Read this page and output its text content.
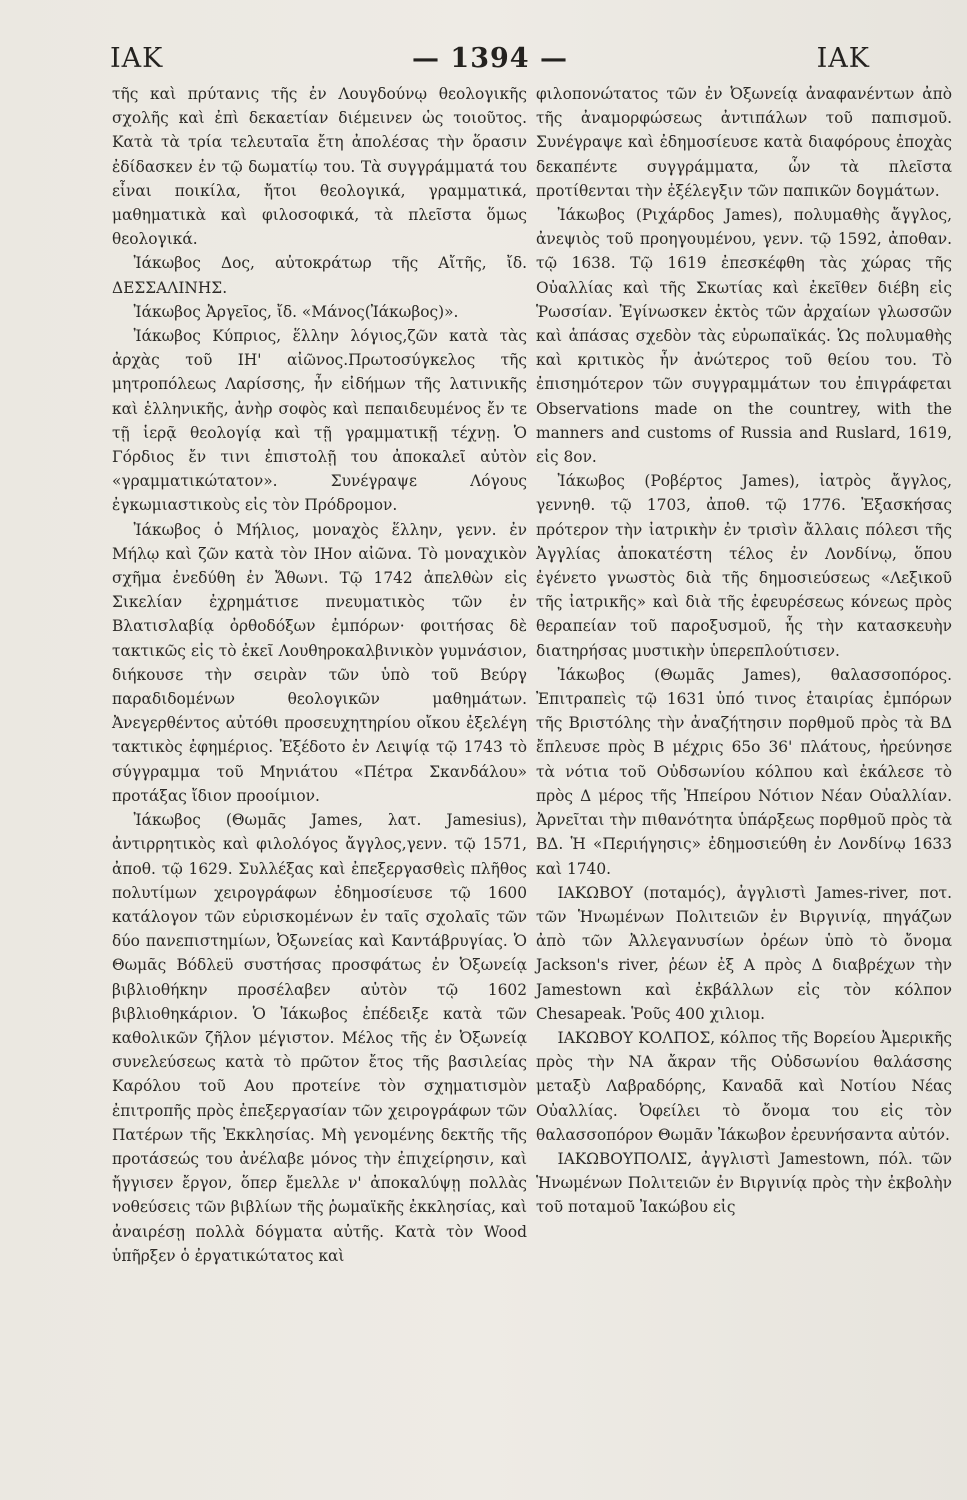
ΙΑΚ	— 1394 —	ΙΑΚ

τῆς καὶ πρύτανις τῆς ἐν Λουγδούνῳ θεολογικῆς σχολῆς καὶ ἐπὶ δεκαετίαν διέμεινεν ὡς τοιοῦτος. Κατὰ τὰ τρία τελευταῖα ἔτη ἀπολέσας τὴν ὅρασιν ἐδίδασκεν ἐν τῷ δωματίῳ του. Τὰ συγγράμματά του εἶναι ποικίλα, ἤτοι θεολογικά, γραμματικά, μαθηματικὰ καὶ φιλοσοφικά, τὰ πλεῖστα ὅμως θεολογικά.

Ἰάκωβος Δος, αὐτοκράτωρ τῆς Αἴτῆς, ἴδ. ΔΕΣΣΑΛΙΝΗΣ.

Ἰάκωβος Ἀργεῖος, ἴδ. «Μάνος(Ἰάκωβος)».

Ἰάκωβος Κύπριος, ἕλλην λόγιος,ζῶν κατὰ τὰς ἀρχὰς τοῦ ΙΗ' αἰῶνος.Πρωτοσύγκελος τῆς μητροπόλεως Λαρίσσης, ἦν εἰδήμων τῆς λατινικῆς καὶ ἑλληνικῆς, ἀνὴρ σοφὸς καὶ πεπαιδευμένος ἔν τε τῇ ἱερᾷ θεολογίᾳ καὶ τῇ γραμματικῇ τέχνῃ. Ὁ Γόρδιος ἔν τινι ἐπιστολῇ του ἀποκαλεῖ αὐτὸν «γραμματικώτατον». Συνέγραψε Λόγους ἐγκωμιαστικοὺς εἰς τὸν Πρόδρομον.

Ἰάκωβος ὁ Μήλιος, μοναχὸς ἕλλην, γενν. ἐν Μήλῳ καὶ ζῶν κατὰ τὸν ΙΗον αἰῶνα. Τὸ μοναχικὸν σχῆμα ἐνεδύθη ἐν Ἄθωνι. Τῷ 1742 ἀπελθὼν εἰς Σικελίαν ἐχρημάτισε πνευματικὸς τῶν ἐν Βλατισλαβίᾳ ὀρθοδόξων ἐμπόρων· φοιτήσας δὲ τακτικῶς εἰς τὸ ἐκεῖ Λουθηροκαλβινικὸν γυμνάσιον, διήκουσε τὴν σειρὰν τῶν ὑπὸ τοῦ Βεύργ παραδιδομένων θεολογικῶν μαθημάτων. Ἀνεγερθέντος αὐτόθι προσευχητηρίου οἴκου ἐξελέγη τακτικὸς ἐφημέριος. Ἐξέδοτο ἐν Λειψίᾳ τῷ 1743 τὸ σύγγραμμα τοῦ Μηνιάτου «Πέτρα Σκανδάλου» προτάξας ἴδιον προοίμιον.

Ἰάκωβος (Θωμᾶς James, λατ. Jamesius), ἀντιρρητικὸς καὶ φιλολόγος ἄγγλος,γενν. τῷ 1571, ἀποθ. τῷ 1629. Συλλέξας καὶ ἐπεξεργασθεὶς πλῆθος πολυτίμων χειρογράφων ἐδημοσίευσε τῷ 1600 κατάλογον τῶν εὑρισκομένων ἐν ταῖς σχολαῖς τῶν δύο πανεπιστημίων, Ὀξωνείας καὶ Καντάβρυγίας. Ὁ Θωμᾶς Βόδλεϋ συστήσας προσφάτως ἐν Ὀξωνείᾳ βιβλιοθήκην προσέλαβεν αὐτὸν τῷ 1602 βιβλιοθηκάριον. Ὁ Ἰάκωβος ἐπέδειξε κατὰ τῶν καθολικῶν ζῆλον μέγιστον. Μέλος τῆς ἐν Ὀξωνείᾳ συνελεύσεως κατὰ τὸ πρῶτον ἔτος τῆς βασιλείας Καρόλου τοῦ Αου προτείνε τὸν σχηματισμὸν ἐπιτροπῆς πρὸς ἐπεξεργασίαν τῶν χειρογράφων τῶν Πατέρων τῆς Ἐκκλησίας. Μὴ γενομένης δεκτῆς τῆς προτάσεώς του ἀνέλαβε μόνος τὴν ἐπιχείρησιν, καὶ ἤγγισεν ἔργον, ὅπερ ἔμελλε ν' ἀποκαλύψῃ πολλὰς νοθεύσεις τῶν βιβλίων τῆς ῥωμαϊκῆς ἐκκλησίας, καὶ ἀναιρέσῃ πολλὰ δόγματα αὐτῆς. Κατὰ τὸν Wood ὑπῆρξεν ὁ ἐργατικώτατος καὶ

φιλοπονώτατος τῶν ἐν Ὀξωνείᾳ ἀναφανέντων ἀπὸ τῆς ἀναμορφώσεως ἀντιπάλων τοῦ παπισμοῦ. Συνέγραψε καὶ ἐδημοσίευσε κατὰ διαφόρους ἐποχὰς δεκαπέντε συγγράμματα, ὧν τὰ πλεῖστα προτίθενται τὴν ἐξέλεγξιν τῶν παπικῶν δογμάτων.

Ἰάκωβος (Ριχάρδος James), πολυμαθὴς ἄγγλος, ἀνεψιὸς τοῦ προηγουμένου, γενν. τῷ 1592, ἀποθαν. τῷ 1638. Τῷ 1619 ἐπεσκέφθη τὰς χώρας τῆς Οὐαλλίας καὶ τῆς Σκωτίας καὶ ἐκεῖθεν διέβη εἰς Ῥωσσίαν. Ἐγίνωσκεν ἐκτὸς τῶν ἀρχαίων γλωσσῶν καὶ ἁπάσας σχεδὸν τὰς εὐρωπαϊκάς. Ὡς πολυμαθὴς καὶ κριτικὸς ἦν ἀνώτερος τοῦ θείου του. Τὸ ἐπισημότερον τῶν συγγραμμάτων του ἐπιγράφεται Observations made on the countrey, with the manners and customs of Russia and Ruslard, 1619, εἰς 8ον.

Ἰάκωβος (Ροβέρτος James), ἰατρὸς ἄγγλος, γεννηθ. τῷ 1703, ἀποθ. τῷ 1776. Ἐξασκήσας πρότερον τὴν ἰατρικὴν ἐν τρισὶν ἄλλαις πόλεσι τῆς Ἀγγλίας ἀποκατέστη τέλος ἐν Λονδίνῳ, ὅπου ἐγένετο γνωστὸς διὰ τῆς δημοσιεύσεως «Λεξικοῦ τῆς ἰατρικῆς» καὶ διὰ τῆς ἐφευρέσεως κόνεως πρὸς θεραπείαν τοῦ παροξυσμοῦ, ἧς τὴν κατασκευὴν διατηρήσας μυστικὴν ὑπερεπλούτισεν.

Ἰάκωβος (Θωμᾶς James), θαλασσοπόρος. Ἐπιτραπεὶς τῷ 1631 ὑπό τινος ἑταιρίας ἐμπόρων τῆς Βριστόλης τὴν ἀναζήτησιν πορθμοῦ πρὸς τὰ ΒΔ ἔπλευσε πρὸς Β μέχρις 65ο 36' πλάτους, ἠρεύνησε τὰ νότια τοῦ Οὐδσωνίου κόλπου καὶ ἐκάλεσε τὸ πρὸς Δ μέρος τῆς Ἠπείρου Νότιον Νέαν Οὐαλλίαν. Ἀρνεῖται τὴν πιθανότητα ὑπάρξεως πορθμοῦ πρὸς τὰ ΒΔ. Ἡ «Περιήγησις» ἐδημοσιεύθη ἐν Λονδίνῳ 1633 καὶ 1740.

ΙΑΚΩΒΟΥ (ποταμός), ἀγγλιστὶ James-river, ποτ. τῶν Ἡνωμένων Πολιτειῶν ἐν Βιργινίᾳ, πηγάζων ἀπὸ τῶν Ἀλλεγανυσίων ὀρέων ὑπὸ τὸ ὄνομα Jackson's river, ῥέων ἐξ Α πρὸς Δ διαβρέχων τὴν Jamestown καὶ ἐκβάλλων εἰς τὸν κόλπον Chesapeak. Ῥοῦς 400 χιλιομ.

ΙΑΚΩΒΟΥ ΚΟΛΠΟΣ, κόλπος τῆς Βορείου Ἀμερικῆς πρὸς τὴν ΝΑ ἄκραν τῆς Οὐδσωνίου θαλάσσης μεταξὺ Λαβραδόρης, Καναδᾶ καὶ Νοτίου Νέας Οὐαλλίας. Ὀφείλει τὸ ὄνομα του εἰς τὸν θαλασσοπόρον Θωμᾶν Ἰάκωβον ἐρευνήσαντα αὐτόν.

ΙΑΚΩΒΟΥΠΟΛΙΣ, ἀγγλιστὶ Jamestown, πόλ. τῶν Ἡνωμένων Πολιτειῶν ἐν Βιργινίᾳ πρὸς τὴν ἐκβολὴν τοῦ ποταμοῦ Ἰακώβου εἰς
